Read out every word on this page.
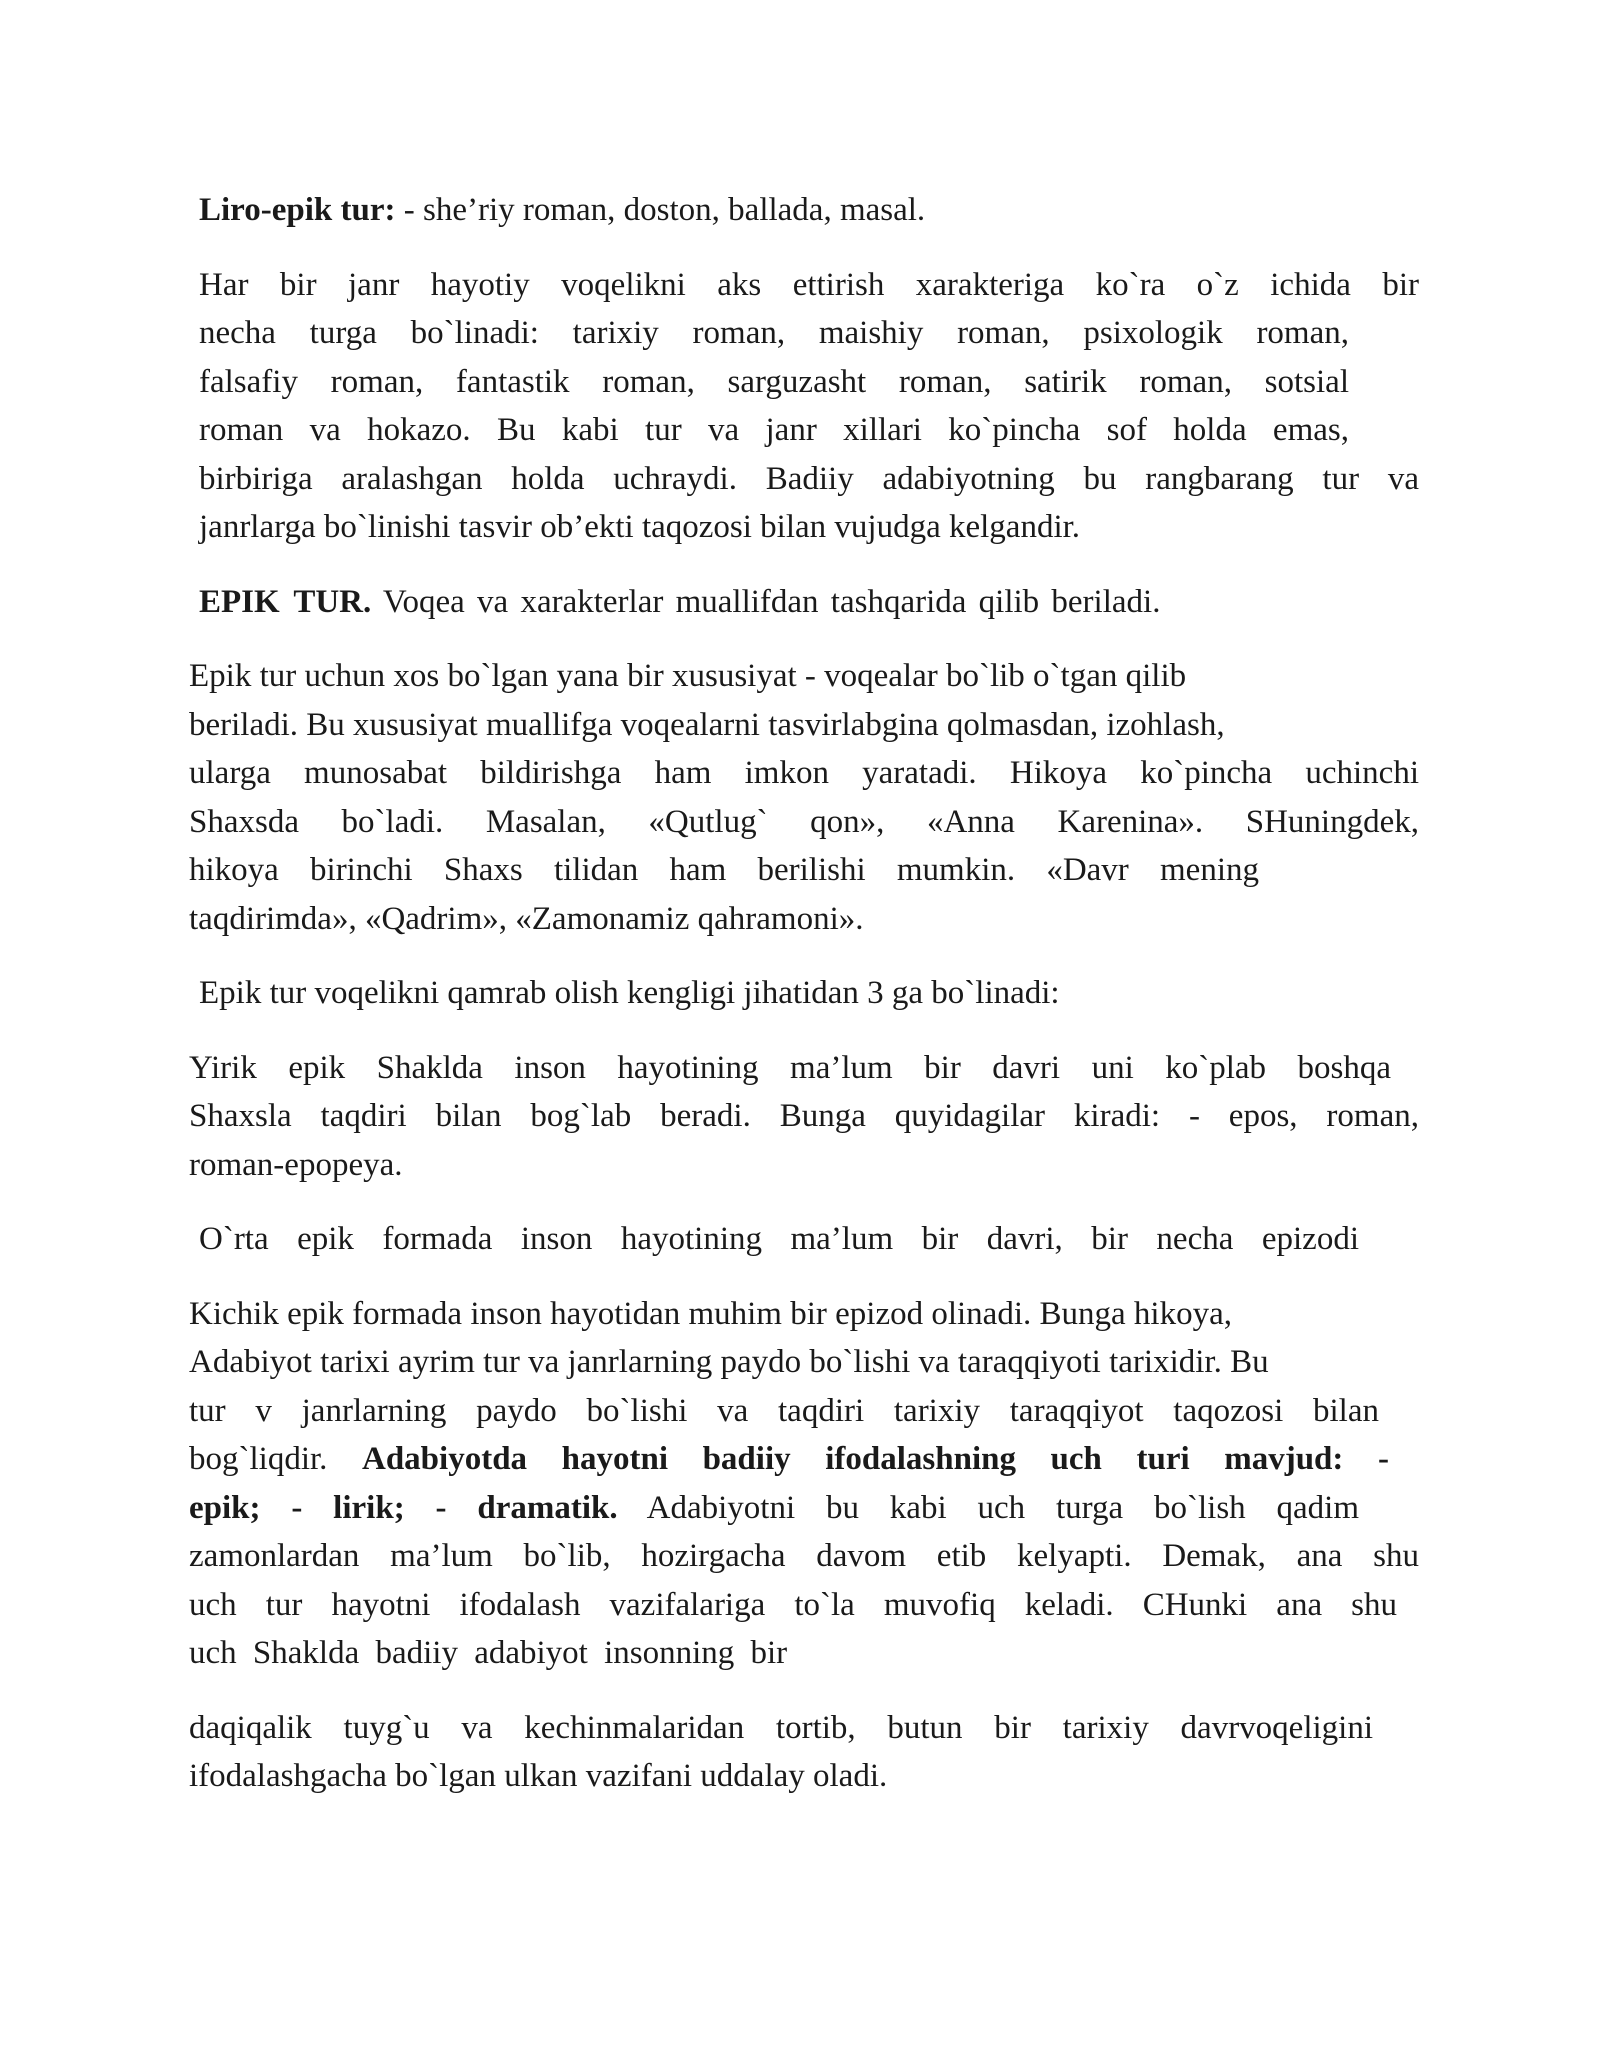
Liro-epik tur: - she’riy roman, doston, ballada, masal.

Har bir janr hayotiy voqelikni aks ettirish xarakteriga ko`ra o`z ichida bir
necha turga bo`linadi: tarixiy roman, maishiy roman, psixologik roman,
falsafiy roman, fantastik roman, sarguzasht roman, satirik roman, sotsial
roman va hokazo. Bu kabi tur va janr xillari ko`pincha sof holda emas,
birbiriga aralashgan holda uchraydi. Badiiy adabiyotning bu rangbarang tur va
janrlarga bo`linishi tasvir ob’ekti taqozosi bilan vujudga kelgandir.

EPIK TUR. Voqea va xarakterlar muallifdan tashqarida qilib beriladi.

Epik tur uchun xos bo`lgan yana bir xususiyat - voqealar bo`lib o`tgan qilib
beriladi. Bu xususiyat muallifga voqealarni tasvirlabgina qolmasdan, izohlash,
ularga munosabat bildirishga ham imkon yaratadi. Hikoya ko`pincha uchinchi
Shaxsda bo`ladi. Masalan, «Qutlug` qon», «Anna Karenina». SHuningdek,
hikoya birinchi Shaxs tilidan ham berilishi mumkin. «Davr mening
taqdirimda», «Qadrim», «Zamonamiz qahramoni».

Epik tur voqelikni qamrab olish kengligi jihatidan 3 ga bo`linadi:

Yirik epik Shaklda inson hayotining ma’lum bir davri uni ko`plab boshqa
Shaxsla taqdiri bilan bog`lab beradi. Bunga quyidagilar kiradi: - epos, roman,
roman-epopeya.

O`rta epik formada inson hayotining ma’lum bir davri, bir necha epizodi

Kichik epik formada inson hayotidan muhim bir epizod olinadi. Bunga hikoya,
Adabiyot tarixi ayrim tur va janrlarning paydo bo`lishi va taraqqiyoti tarixidir. Bu
tur v janrlarning paydo bo`lishi va taqdiri tarixiy taraqqiyot taqozosi bilan
bog`liqdir. Adabiyotda hayotni badiiy ifodalashning uch turi mavjud: -
epik; - lirik; - dramatik. Adabiyotni bu kabi uch turga bo`lish qadim
zamonlardan ma’lum bo`lib, hozirgacha davom etib kelyapti. Demak, ana shu
uch tur hayotni ifodalash vazifalariga to`la muvofiq keladi. CHunki ana shu
uch Shaklda badiiy adabiyot insonning bir

daqiqalik tuyg`u va kechinmalaridan tortib, butun bir tarixiy davrvoqeligini
ifodalashgacha bo`lgan ulkan vazifani uddalay oladi.
